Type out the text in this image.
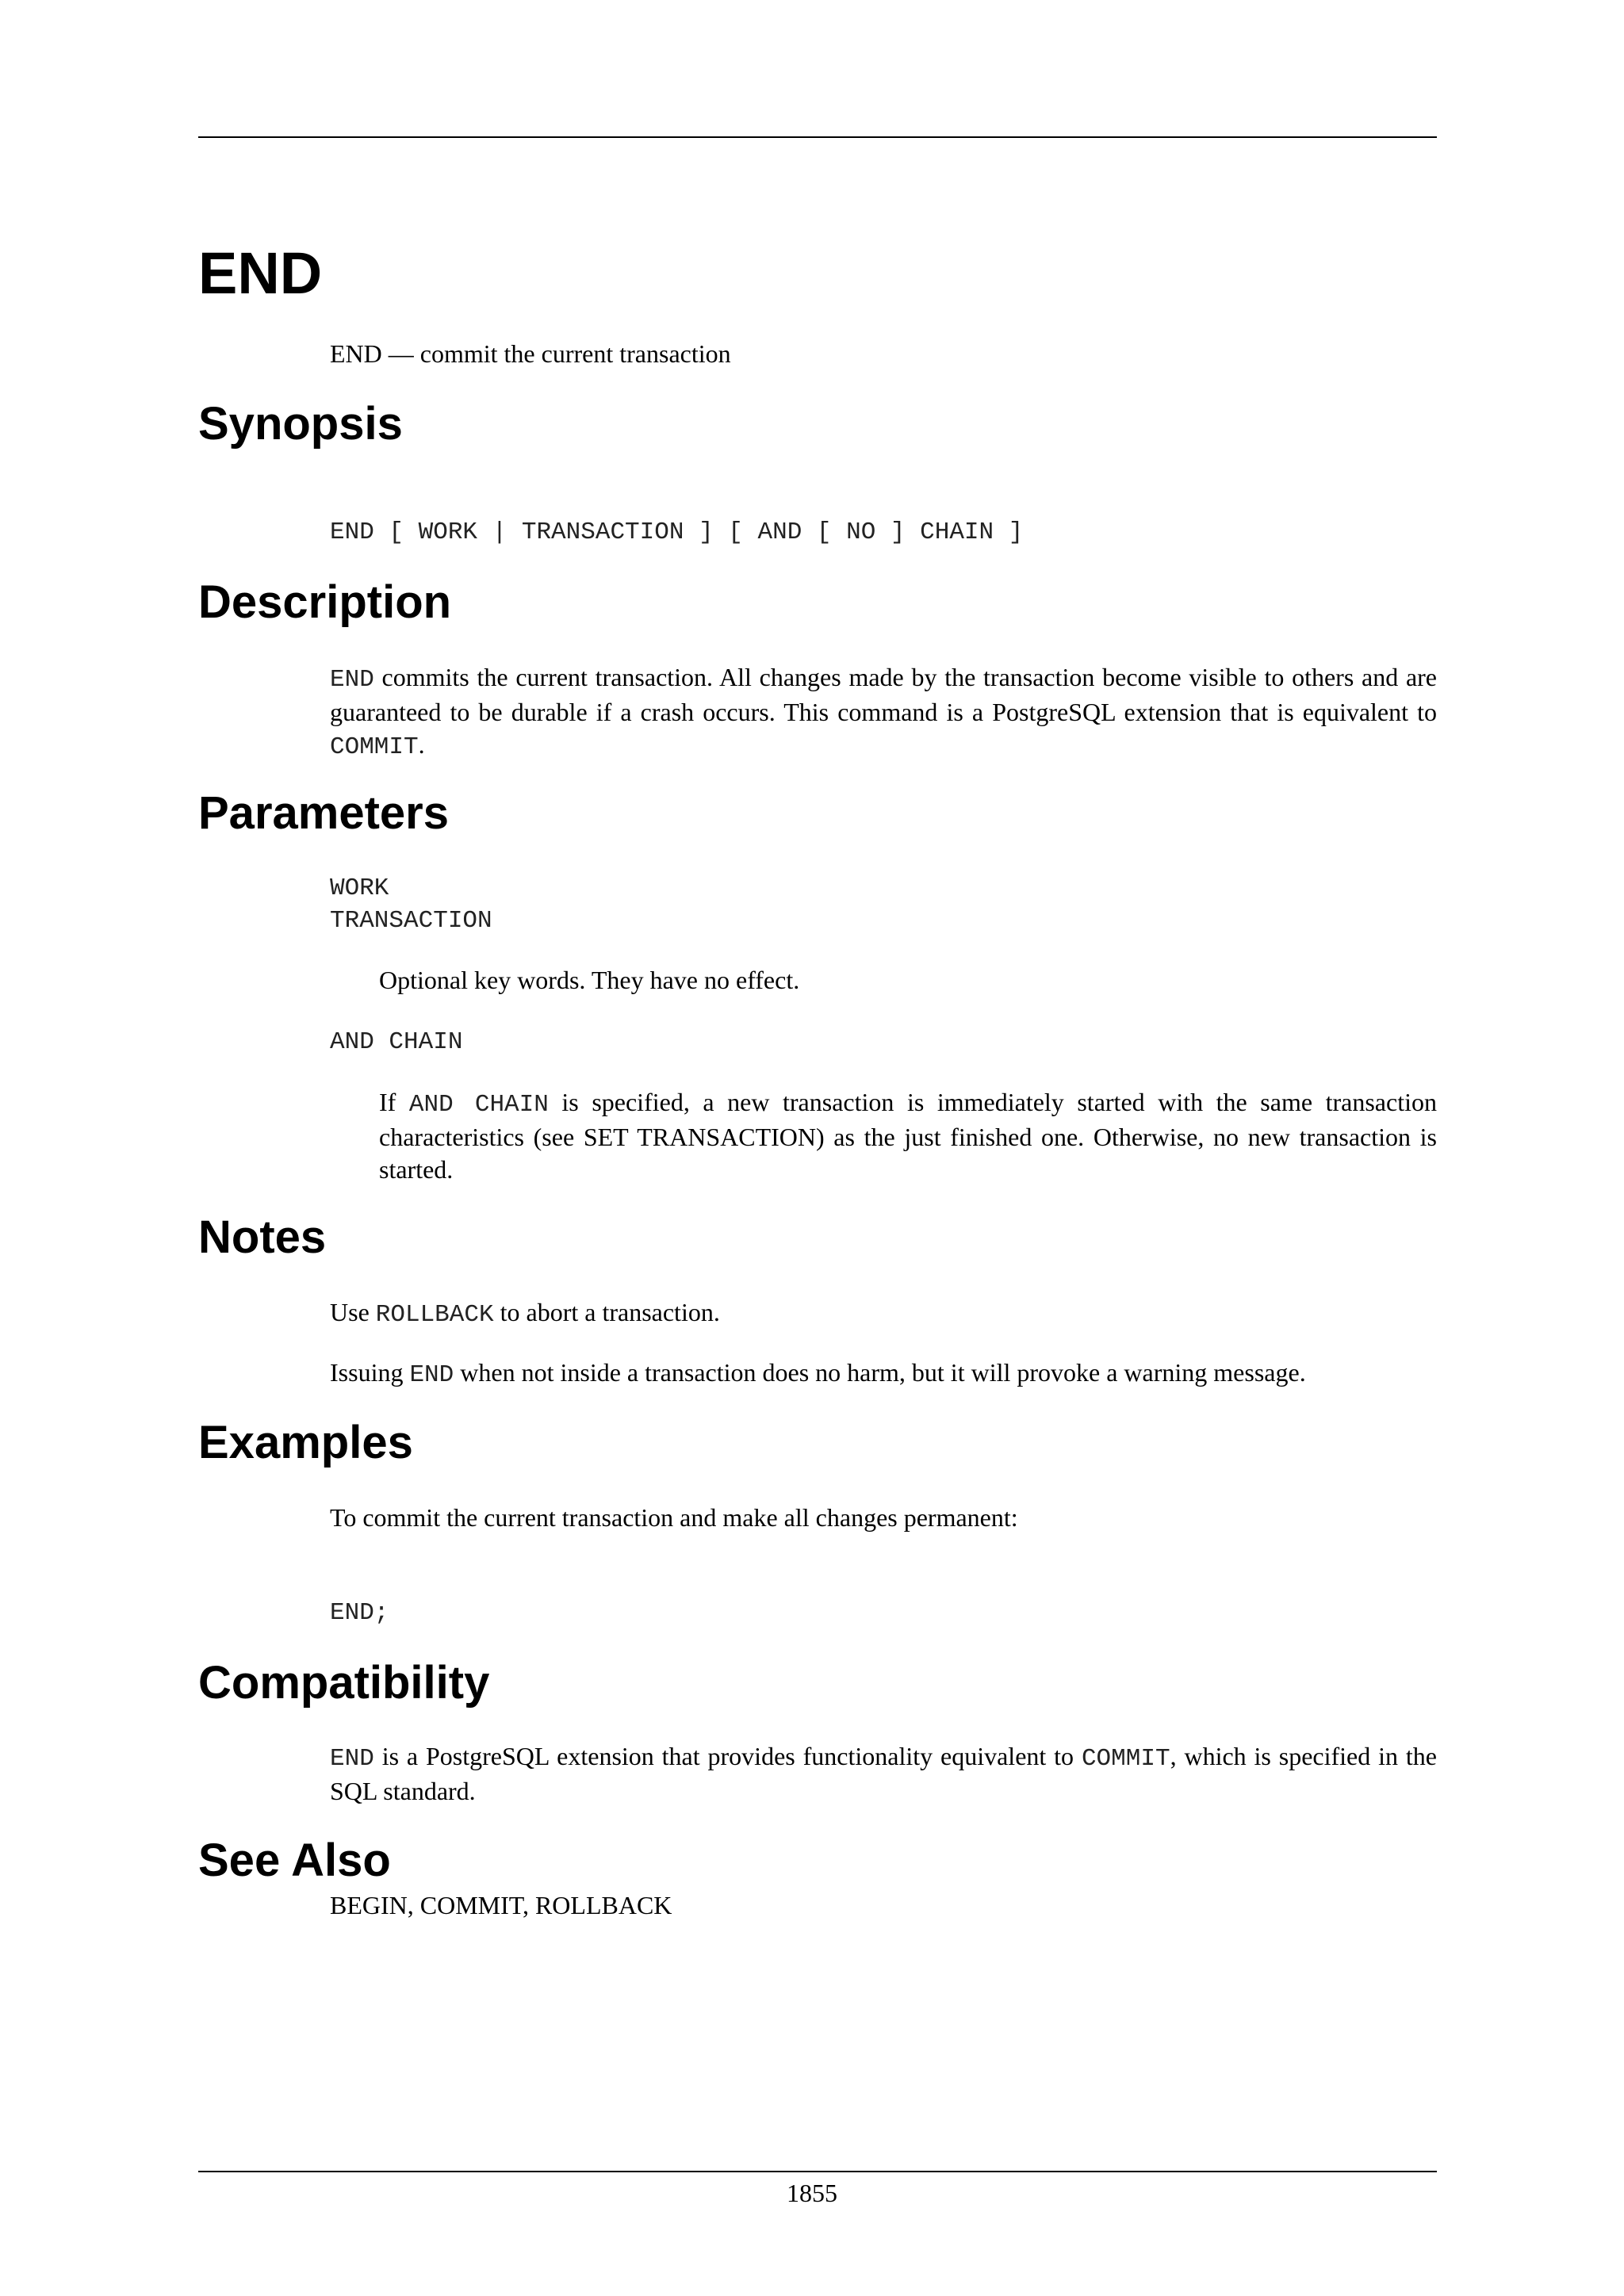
END

END — commit the current transaction

Synopsis
END [ WORK | TRANSACTION ] [ AND [ NO ] CHAIN ]
Description

END commits the current transaction. All changes made by the transaction become visible to others and are guaranteed to be durable if a crash occurs. This command is a PostgreSQL extension that is equivalent to COMMIT.

Parameters
WORK
TRANSACTION

Optional key words. They have no effect.

AND CHAIN

If AND CHAIN is specified, a new transaction is immediately started with the same transaction characteristics (see SET TRANSACTION) as the just finished one. Otherwise, no new transaction is started.

Notes

Use ROLLBACK to abort a transaction.

Issuing END when not inside a transaction does no harm, but it will provoke a warning message.

Examples

To commit the current transaction and make all changes permanent:

END;
Compatibility

END is a PostgreSQL extension that provides functionality equivalent to COMMIT, which is specified in the SQL standard.

See Also

BEGIN, COMMIT, ROLLBACK

1855
